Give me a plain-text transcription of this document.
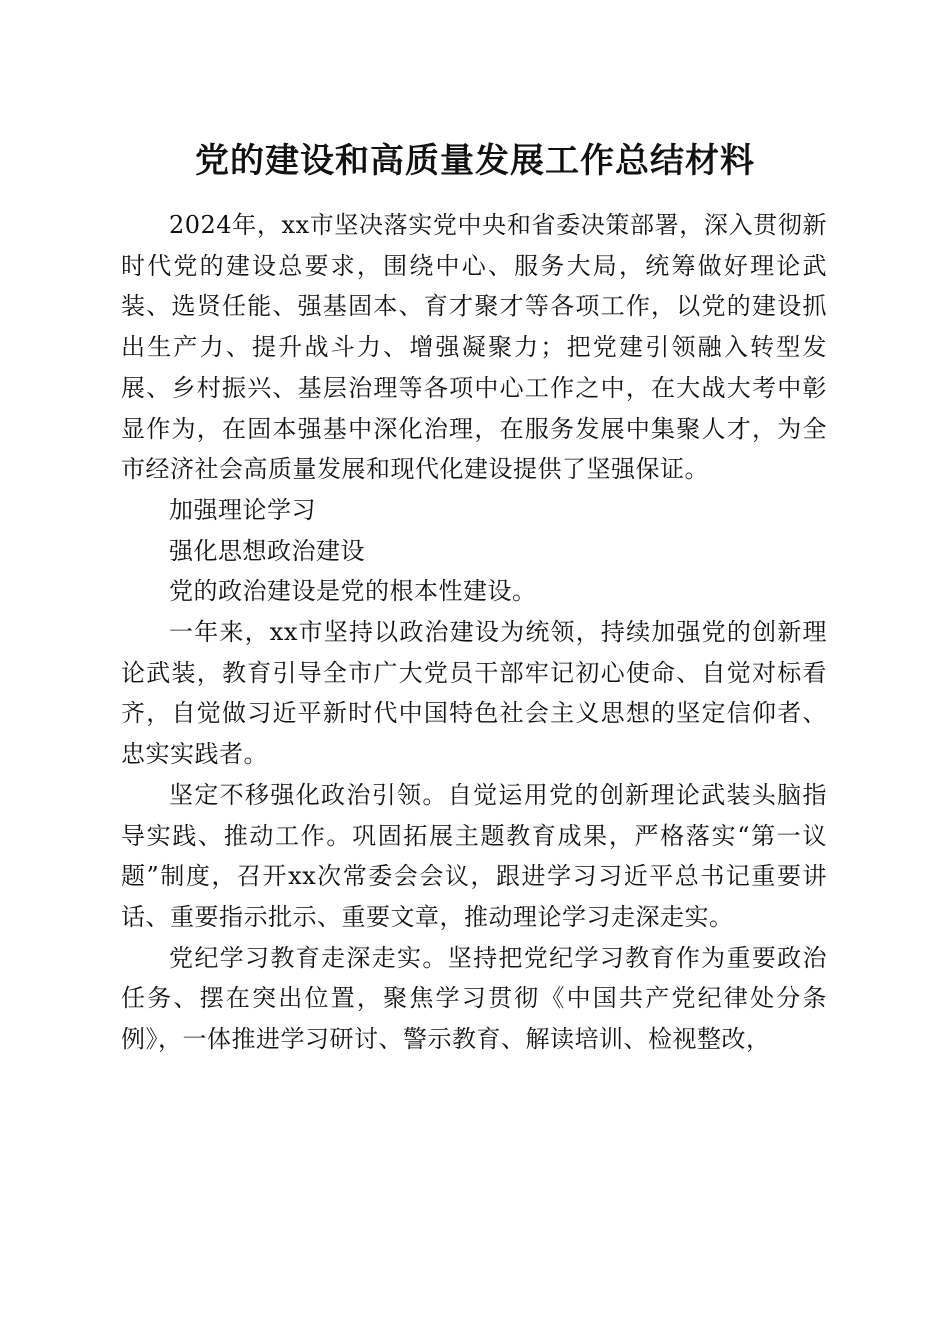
党的建设和高质量发展工作总结材料

2024年，xx市坚决落实党中央和省委决策部署，深入贯彻新时代党的建设总要求，围绕中心、服务大局，统筹做好理论武装、选贤任能、强基固本、育才聚才等各项工作，以党的建设抓出生产力、提升战斗力、增强凝聚力；把党建引领融入转型发展、乡村振兴、基层治理等各项中心工作之中，在大战大考中彰显作为，在固本强基中深化治理，在服务发展中集聚人才，为全市经济社会高质量发展和现代化建设提供了坚强保证。

加强理论学习

强化思想政治建设

党的政治建设是党的根本性建设。

一年来，xx市坚持以政治建设为统领，持续加强党的创新理论武装，教育引导全市广大党员干部牢记初心使命、自觉对标看齐，自觉做习近平新时代中国特色社会主义思想的坚定信仰者、忠实实践者。

坚定不移强化政治引领。自觉运用党的创新理论武装头脑指导实践、推动工作。巩固拓展主题教育成果，严格落实“第一议题”制度，召开xx次常委会会议，跟进学习习近平总书记重要讲话、重要指示批示、重要文章，推动理论学习走深走实。

党纪学习教育走深走实。坚持把党纪学习教育作为重要政治任务、摆在突出位置，聚焦学习贯彻《中国共产党纪律处分条例》，一体推进学习研讨、警示教育、解读培训、检视整改，
